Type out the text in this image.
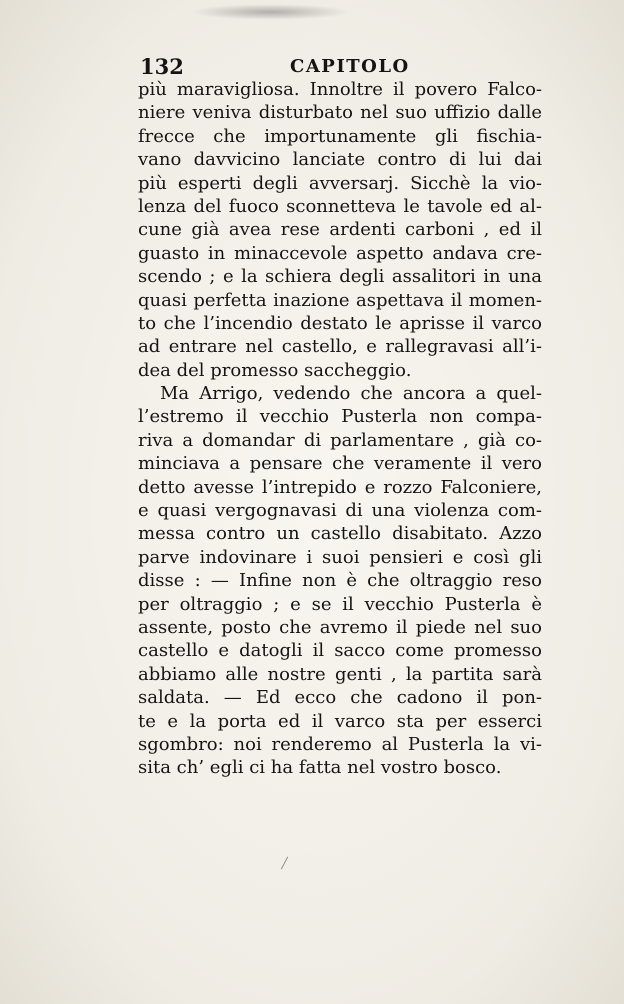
132	CAPITOLO
più maravigliosa. Innoltre il povero Falco-
niere veniva disturbato nel suo uffizio dalle
frecce che importunamente gli fischia-
vano davvicino lanciate contro di lui dai
più esperti degli avversarj. Sicchè la vio-
lenza del fuoco sconnetteva le tavole ed al-
cune già avea rese ardenti carboni , ed il
guasto in minaccevole aspetto andava cre-
scendo ; e la schiera degli assalitori in una
quasi perfetta inazione aspettava il momen-
to che l’incendio destato le aprisse il varco
ad entrare nel castello, e rallegravasi all’i-
dea del promesso saccheggio.
Ma Arrigo, vedendo che ancora a quel-
l’estremo il vecchio Pusterla non compa-
riva a domandar di parlamentare , già co-
minciava a pensare che veramente il vero
detto avesse l’intrepido e rozzo Falconiere,
e quasi vergognavasi di una violenza com-
messa contro un castello disabitato. Azzo
parve indovinare i suoi pensieri e così gli
disse : — Infine non è che oltraggio reso
per oltraggio ; e se il vecchio Pusterla è
assente, posto che avremo il piede nel suo
castello e datogli il sacco come promesso
abbiamo alle nostre genti , la partita sarà
saldata. — Ed ecco che cadono il pon-
te e la porta ed il varco sta per esserci
sgombro: noi renderemo al Pusterla la vi-
sita ch’ egli ci ha fatta nel vostro bosco.
